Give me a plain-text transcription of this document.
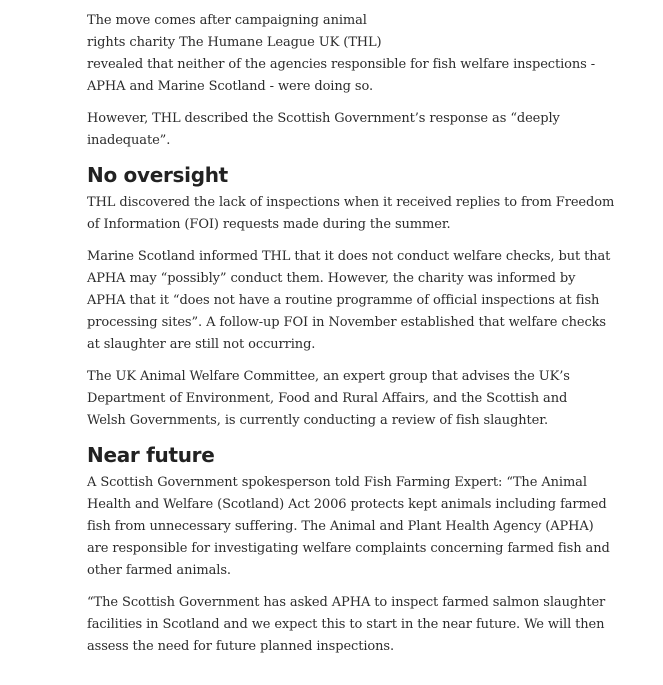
The move comes after campaigning animal
rights charity The Humane League UK (THL)
revealed that neither of the agencies responsible for fish welfare inspections -
APHA and Marine Scotland - were doing so.
However, THL described the Scottish Government’s response as “deeply
inadequate”.
No oversight
THL discovered the lack of inspections when it received replies to from Freedom
of Information (FOI) requests made during the summer.
Marine Scotland informed THL that it does not conduct welfare checks, but that
APHA may “possibly” conduct them. However, the charity was informed by
APHA that it “does not have a routine programme of official inspections at fish
processing sites”. A follow-up FOI in November established that welfare checks
at slaughter are still not occurring.
The UK Animal Welfare Committee, an expert group that advises the UK’s
Department of Environment, Food and Rural Affairs, and the Scottish and
Welsh Governments, is currently conducting a review of fish slaughter.
Near future
A Scottish Government spokesperson told Fish Farming Expert: “The Animal
Health and Welfare (Scotland) Act 2006 protects kept animals including farmed
fish from unnecessary suffering. The Animal and Plant Health Agency (APHA)
are responsible for investigating welfare complaints concerning farmed fish and
other farmed animals.
“The Scottish Government has asked APHA to inspect farmed salmon slaughter
facilities in Scotland and we expect this to start in the near future. We will then
assess the need for future planned inspections.
